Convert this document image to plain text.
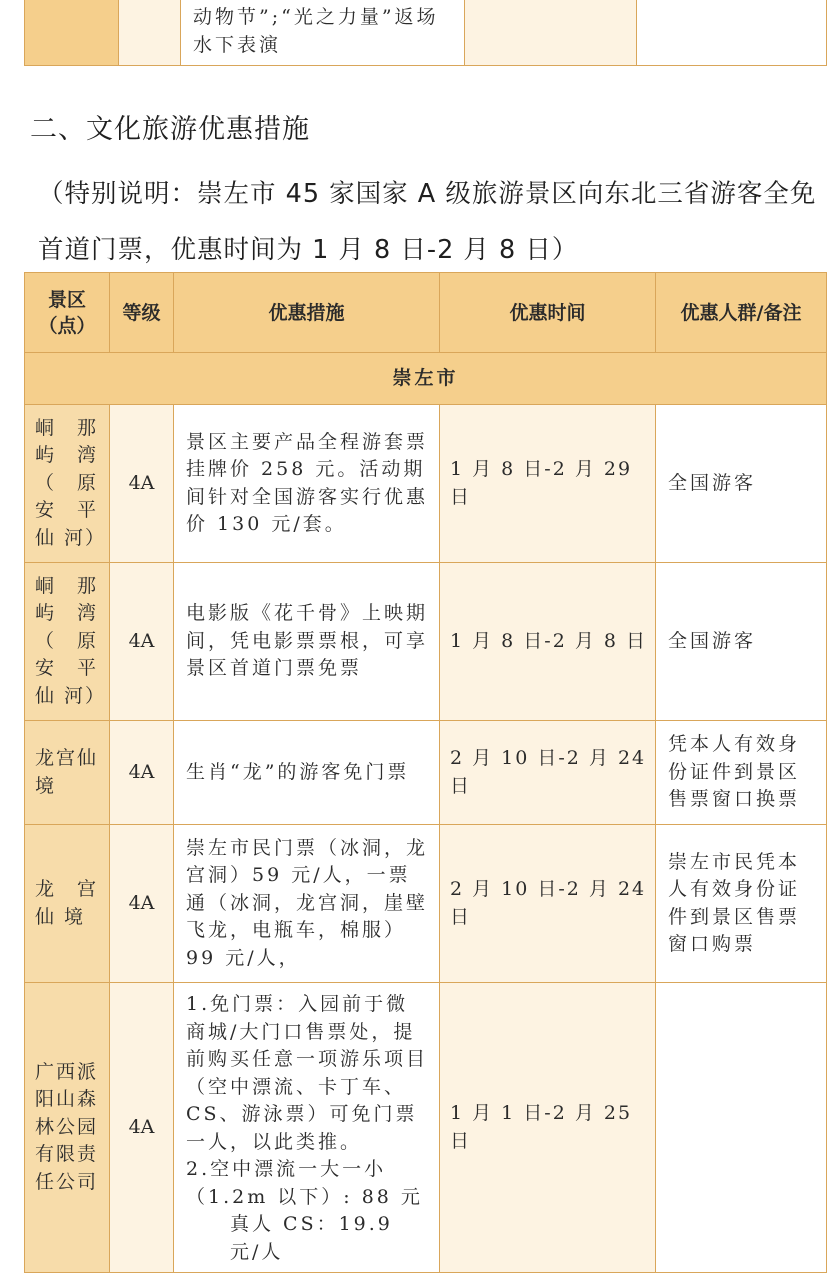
动物节”;“光之力量”返场
水下表演

二、文化旅游优惠措施
（特别说明：崇左市 45 家国家 A 级旅游景区向东北三省游客全免首道门票，优惠时间为 1 月 8 日-2 月 8 日）
景区
（点）	等级	优惠措施	优惠时间	优惠人群/备注
崇左市				

峒　那
屿　湾
（　原
安　平
仙 河）	4A	景区主要产品全程游套票挂牌价 258 元。活动期间针对全国游客实行优惠价 130 元/套。	1 月 8 日-2 月 29 日	全国游客

峒　那
屿　湾
（　原
安　平
仙 河）	4A	电影版《花千骨》上映期间，凭电影票票根，可享景区首道门票免票	1 月 8 日-2 月 8 日	全国游客

龙宫仙
境	4A	生肖“龙”的游客免门票	2 月 10 日-2 月 24 日	凭本人有效身份证件到景区售票窗口换票

龙　宫
仙 境	4A	崇左市民门票（冰洞，龙宫洞）59 元/人，一票通（冰洞，龙宫洞，崖壁飞龙，电瓶车，棉服）99 元/人，	2 月 10 日-2 月 24 日	崇左市民凭本人有效身份证件到景区售票窗口购票

广西派
阳山森
林公园
有限责
任公司	4A	1.免门票：入园前于微商城/大门口售票处，提前购买任意一项游乐项目（空中漂流、卡丁车、CS、游泳票）可免门票一人，以此类推。
2.空中漂流一大一小
（1.2m 以下）: 88 元
真人 CS：19.9 元/人	1 月 1 日-2 月 25 日	
